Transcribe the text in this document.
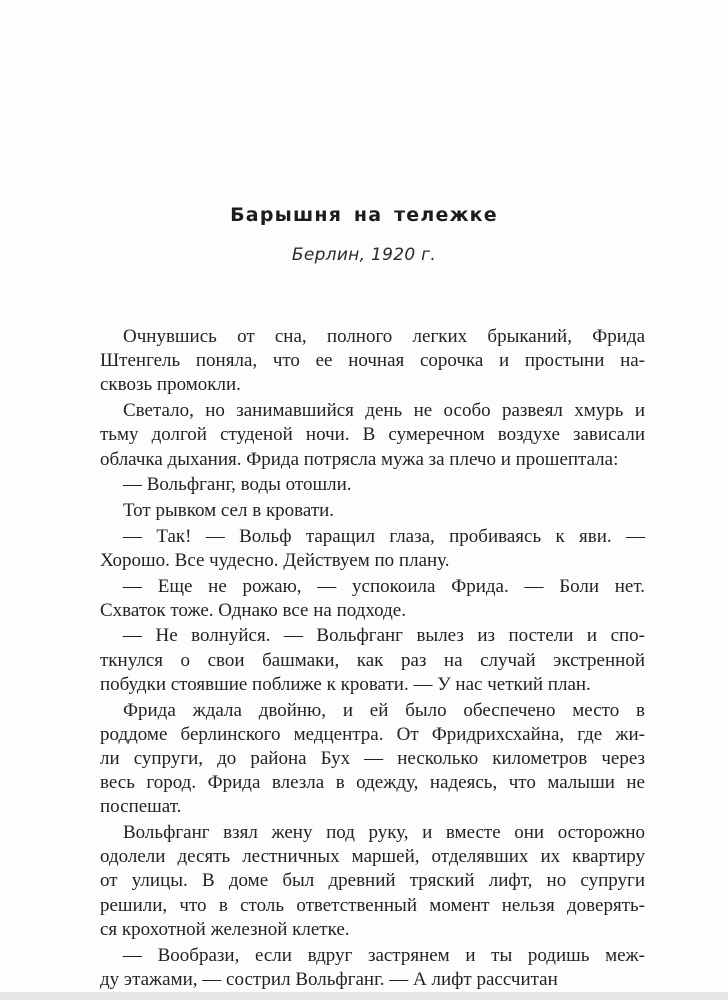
Барышня на тележке
Берлин, 1920 г.

Очнувшись от сна, полного легких брыканий, Фрида
Штенгель поняла, что ее ночная сорочка и простыни на-
сквозь промокли.

Светало, но занимавшийся день не особо развеял хмурь и
тьму долгой студеной ночи. В сумеречном воздухе зависали
облачка дыхания. Фрида потрясла мужа за плечо и прошептала:

— Вольфганг, воды отошли.

Тот рывком сел в кровати.

— Так! — Вольф таращил глаза, пробиваясь к яви. —
Хорошо. Все чудесно. Действуем по плану.

— Еще не рожаю, — успокоила Фрида. — Боли нет.
Схваток тоже. Однако все на подходе.

— Не волнуйся. — Вольфганг вылез из постели и спо-
ткнулся о свои башмаки, как раз на случай экстренной
побудки стоявшие поближе к кровати. — У нас четкий план.

Фрида ждала двойню, и ей было обеспечено место в
роддоме берлинского медцентра. От Фридрихсхайна, где жи-
ли супруги, до района Бух — несколько километров через
весь город. Фрида влезла в одежду, надеясь, что малыши не
поспешат.

Вольфганг взял жену под руку, и вместе они осторожно
одолели десять лестничных маршей, отделявших их квартиру
от улицы. В доме был древний тряский лифт, но супруги
решили, что в столь ответственный момент нельзя доверять-
ся крохотной железной клетке.

— Вообрази, если вдруг застрянем и ты родишь меж-
ду этажами, — сострил Вольфганг. — А лифт рассчитан
